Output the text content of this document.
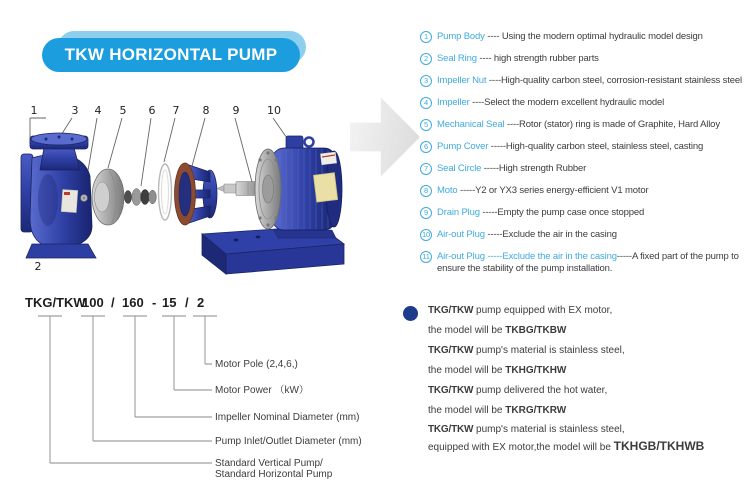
TKW HORIZONTAL PUMP
1	3 4 5 6 7 8 9	10
2
1 Pump Body ---- Using the modern optimal hydraulic model design
2 Seal Ring ---- high strength rubber parts
3 Impeller Nut ----High-quality carbon steel, corrosion-resistant stainless steel
4 Impeller ----Select the modern excellent hydraulic model
5 Mechanical Seal ----Rotor (stator) ring is made of Graphite, Hard Alloy
6 Pump Cover -----High-quality carbon steel, stainless steel, casting
7 Seal Circle -----High strength Rubber
8 Moto -----Y2 or YX3 series energy-efficient V1 motor
9 Drain Plug -----Empty the pump case once stopped
10 Air-out Plug -----Exclude the air in the casing
11 Air-out Plug -----Exclude the air in the casing-----A fixed part of the pump to ensure the stability of the pump installation.
TKG/TKW
100 / 160 - 15 / 2
Motor Pole (2,4,6,)
Motor Power （kW）
Impeller Nominal Diameter (mm)
Pump Inlet/Outlet Diameter (mm)
Standard Vertical Pump/
Standard Horizontal Pump
TKG/TKW pump equipped with EX motor,
the model will be TKBG/TKBW
TKG/TKW pump's material is stainless steel,
the model will be TKHG/TKHW
TKG/TKW pump delivered the hot water,
the model will be TKRG/TKRW
TKG/TKW pump's material is stainless steel,
equipped with EX motor,the model will be TKHGB/TKHWB
